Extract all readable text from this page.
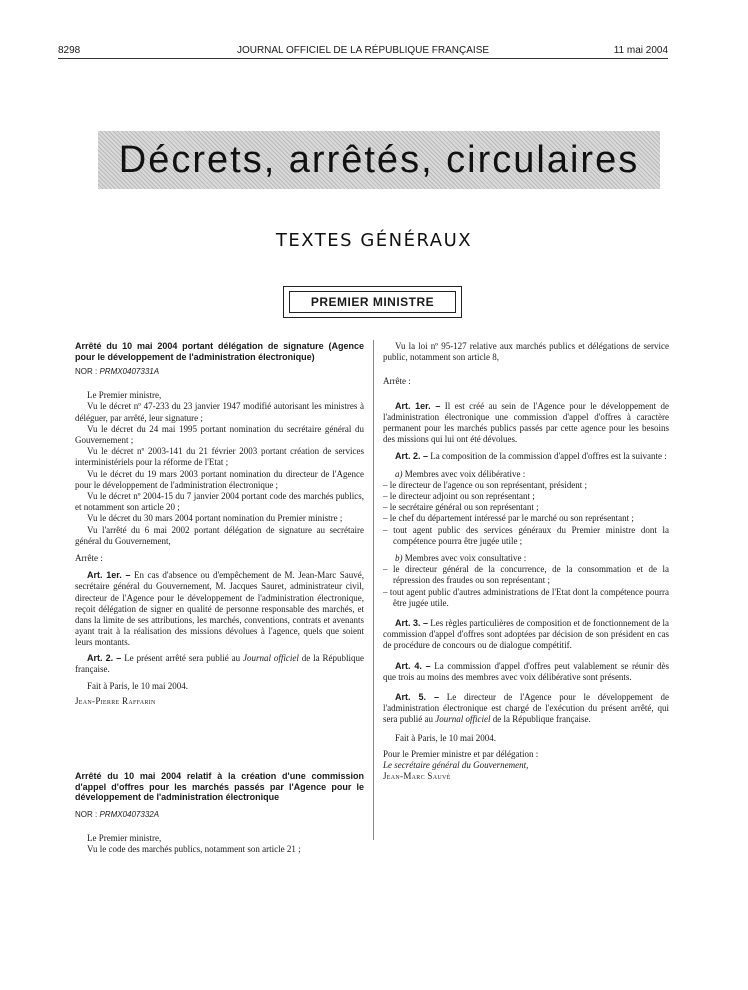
8298	JOURNAL OFFICIEL DE LA RÉPUBLIQUE FRANÇAISE	11 mai 2004
Décrets, arrêtés, circulaires
TEXTES GÉNÉRAUX
PREMIER MINISTRE

Arrêté du 10 mai 2004 portant délégation de signature (Agence pour le développement de l'administration électronique)

NOR : PRMX0407331A

Le Premier ministre,

Vu le décret nº 47-233 du 23 janvier 1947 modifié autorisant les ministres à déléguer, par arrêté, leur signature ;

Vu le décret du 24 mai 1995 portant nomination du secrétaire général du Gouvernement ;

Vu le décret nº 2003-141 du 21 février 2003 portant création de services interministériels pour la réforme de l'Etat ;

Vu le décret du 19 mars 2003 portant nomination du directeur de l'Agence pour le développement de l'administration électronique ;

Vu le décret nº 2004-15 du 7 janvier 2004 portant code des marchés publics, et notamment son article 20 ;

Vu le décret du 30 mars 2004 portant nomination du Premier ministre ;

Vu l'arrêté du 6 mai 2002 portant délégation de signature au secrétaire général du Gouvernement,

Arrête :

Art. 1er. – En cas d'absence ou d'empêchement de M. Jean-Marc Sauvé, secrétaire général du Gouvernement, M. Jacques Sauret, administrateur civil, directeur de l'Agence pour le développement de l'administration électronique, reçoit délégation de signer en qualité de personne responsable des marchés, et dans la limite de ses attributions, les marchés, conventions, contrats et avenants ayant trait à la réalisation des missions dévolues à l'agence, quels que soient leurs montants.

Art. 2. – Le présent arrêté sera publié au Journal officiel de la République française.

Fait à Paris, le 10 mai 2004.

Jean-Pierre Raffarin

Arrêté du 10 mai 2004 relatif à la création d'une commission d'appel d'offres pour les marchés passés par l'Agence pour le développement de l'administration électronique

NOR : PRMX0407332A

Le Premier ministre,

Vu le code des marchés publics, notamment son article 21 ;

Vu la loi nº 95-127 relative aux marchés publics et délégations de service public, notamment son article 8,

Arrête :

Art. 1er. – Il est créé au sein de l'Agence pour le développement de l'administration électronique une commission d'appel d'offres à caractère permanent pour les marchés publics passés par cette agence pour les besoins des missions qui lui ont été dévolues.

Art. 2. – La composition de la commission d'appel d'offres est la suivante :

a) Membres avec voix délibérative :

– le directeur de l'agence ou son représentant, président ;

– le directeur adjoint ou son représentant ;

– le secrétaire général ou son représentant ;

– le chef du département intéressé par le marché ou son représentant ;

– tout agent public des services généraux du Premier ministre dont la compétence pourra être jugée utile ;

b) Membres avec voix consultative :

– le directeur général de la concurrence, de la consommation et de la répression des fraudes ou son représentant ;

– tout agent public d'autres administrations de l'Etat dont la compétence pourra être jugée utile.

Art. 3. – Les règles particulières de composition et de fonctionnement de la commission d'appel d'offres sont adoptées par décision de son président en cas de procédure de concours ou de dialogue compétitif.

Art. 4. – La commission d'appel d'offres peut valablement se réunir dès que trois au moins des membres avec voix délibérative sont présents.

Art. 5. – Le directeur de l'Agence pour le développement de l'administration électronique est chargé de l'exécution du présent arrêté, qui sera publié au Journal officiel de la République française.

Fait à Paris, le 10 mai 2004.

Pour le Premier ministre et par délégation :

Le secrétaire général du Gouvernement,

Jean-Marc Sauvé
